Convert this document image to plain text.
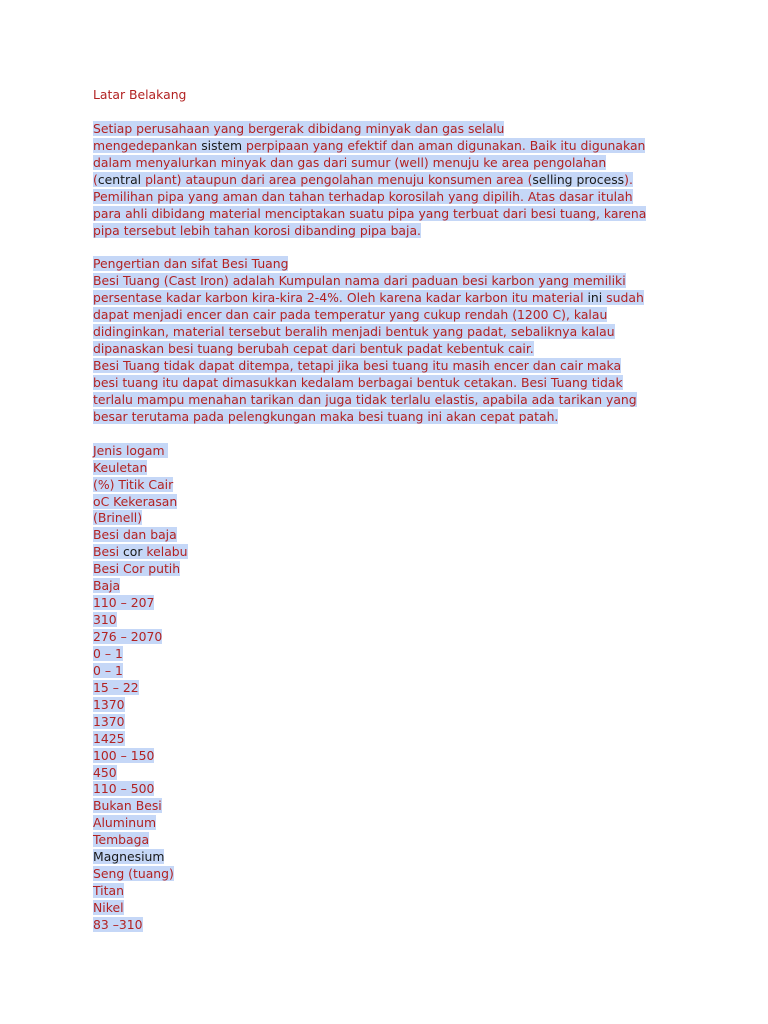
Latar Belakang
Setiap perusahaan yang bergerak dibidang minyak dan gas selalu
mengedepankan sistem perpipaan yang efektif dan aman digunakan. Baik itu digunakan
dalam menyalurkan minyak dan gas dari sumur (well) menuju ke area pengolahan
(central plant) ataupun dari area pengolahan menuju konsumen area (selling process).
Pemilihan pipa yang aman dan tahan terhadap korosilah yang dipilih. Atas dasar itulah
para ahli dibidang material menciptakan suatu pipa yang terbuat dari besi tuang, karena
pipa tersebut lebih tahan korosi dibanding pipa baja.
Pengertian dan sifat Besi Tuang
Besi Tuang (Cast Iron) adalah Kumpulan nama dari paduan besi karbon yang memiliki
persentase kadar karbon kira-kira 2-4%. Oleh karena kadar karbon itu material ini sudah
dapat menjadi encer dan cair pada temperatur yang cukup rendah (1200 C), kalau
didinginkan, material tersebut beralih menjadi bentuk yang padat, sebaliknya kalau
dipanaskan besi tuang berubah cepat dari bentuk padat kebentuk cair.
Besi Tuang tidak dapat ditempa, tetapi jika besi tuang itu masih encer dan cair maka
besi tuang itu dapat dimasukkan kedalam berbagai bentuk cetakan. Besi Tuang tidak
terlalu mampu menahan tarikan dan juga tidak terlalu elastis, apabila ada tarikan yang
besar terutama pada pelengkungan maka besi tuang ini akan cepat patah.
Jenis logam
Keuletan
(%) Titik Cair
oC Kekerasan
(Brinell)
Besi dan baja
Besi cor kelabu
Besi Cor putih
Baja
110 – 207
310
276 – 2070
0 – 1
0 – 1
15 – 22
1370
1370
1425
100 – 150
450
110 – 500
Bukan Besi
Aluminum
Tembaga
Magnesium
Seng (tuang)
Titan
Nikel
83 –310
